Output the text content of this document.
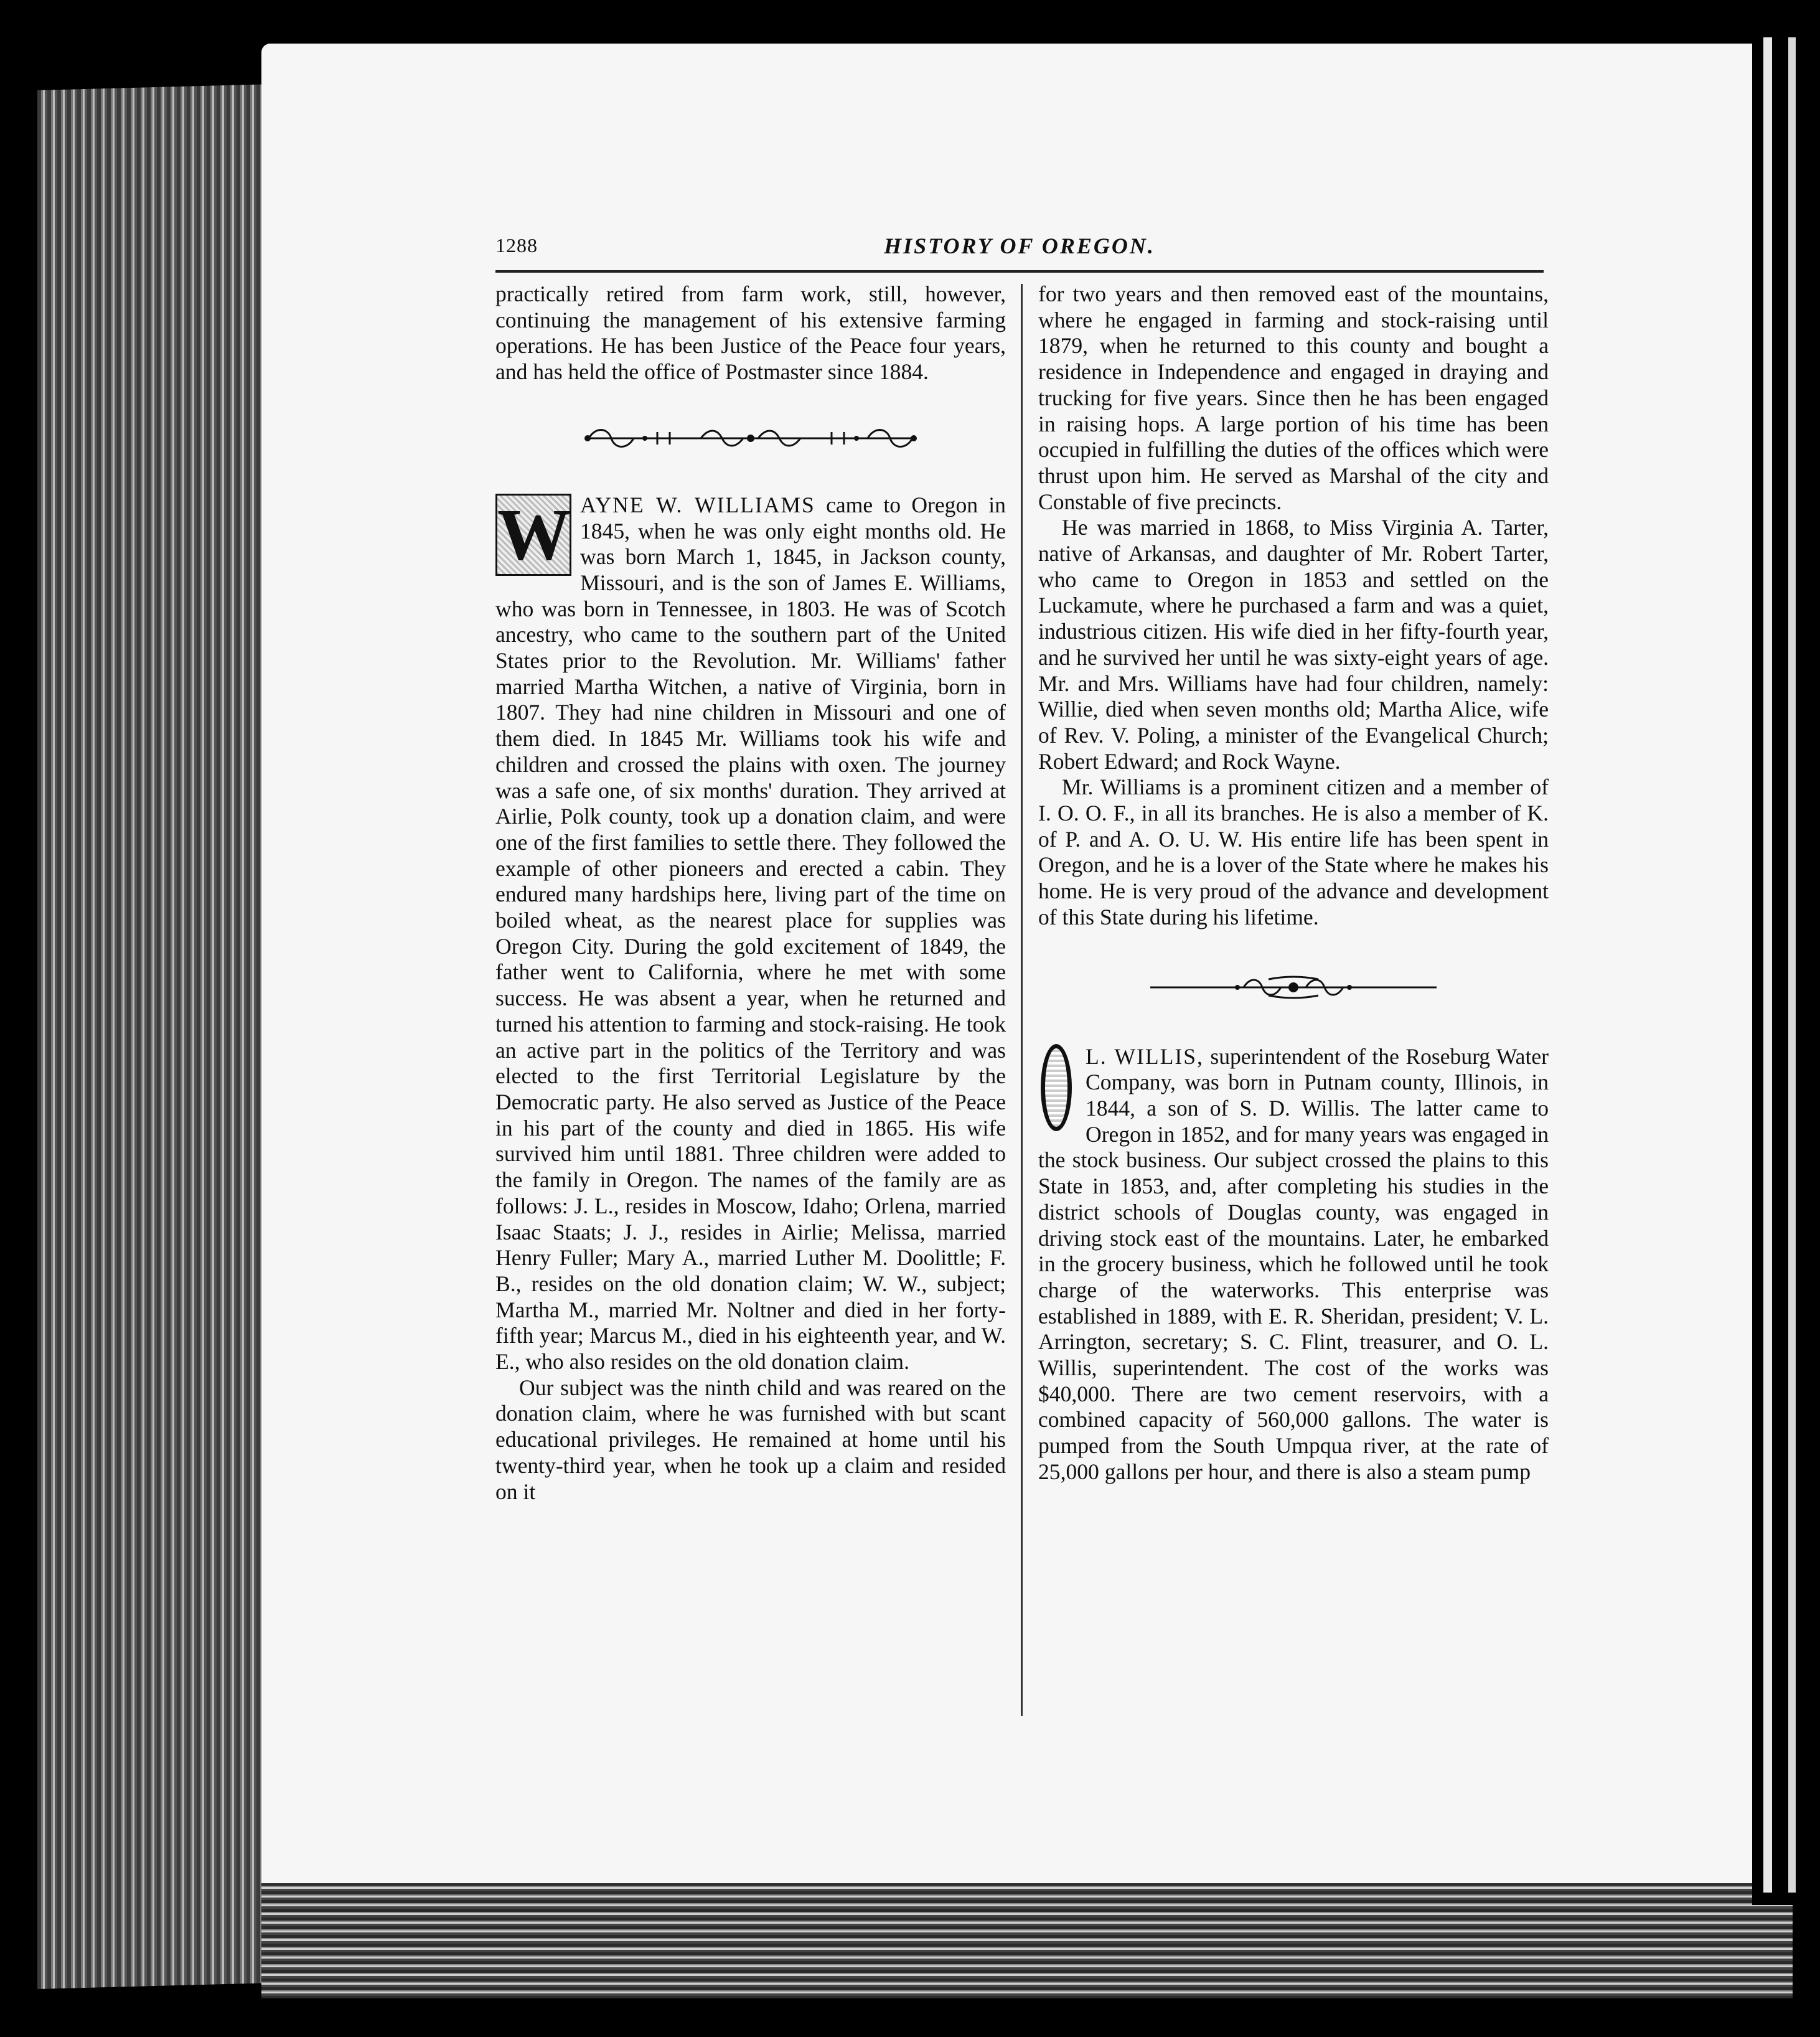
1288	HISTORY OF OREGON.

practically retired from farm work, still, however, continuing the management of his extensive farming operations. He has been Justice of the Peace four years, and has held the office of Postmaster since 1884.

W AYNE W. WILLIAMS came to Oregon in 1845, when he was only eight months old. He was born March 1, 1845, in Jackson county, Missouri, and is the son of James E. Williams, who was born in Tennessee, in 1803. He was of Scotch ancestry, who came to the southern part of the United States prior to the Revolution. Mr. Williams' father married Martha Witchen, a native of Virginia, born in 1807. They had nine children in Missouri and one of them died. In 1845 Mr. Williams took his wife and children and crossed the plains with oxen. The journey was a safe one, of six months' duration. They arrived at Airlie, Polk county, took up a donation claim, and were one of the first families to settle there. They followed the example of other pioneers and erected a cabin. They endured many hardships here, living part of the time on boiled wheat, as the nearest place for supplies was Oregon City. During the gold excitement of 1849, the father went to California, where he met with some success. He was absent a year, when he returned and turned his attention to farming and stock-raising. He took an active part in the politics of the Territory and was elected to the first Territorial Legislature by the Democratic party. He also served as Justice of the Peace in his part of the county and died in 1865. His wife survived him until 1881. Three children were added to the family in Oregon. The names of the family are as follows: J. L., resides in Moscow, Idaho; Orlena, married Isaac Staats; J. J., resides in Airlie; Melissa, married Henry Fuller; Mary A., married Luther M. Doolittle; F. B., resides on the old donation claim; W. W., subject; Martha M., married Mr. Noltner and died in her forty-fifth year; Marcus M., died in his eighteenth year, and W. E., who also resides on the old donation claim.

Our subject was the ninth child and was reared on the donation claim, where he was furnished with but scant educational privileges. He remained at home until his twenty-third year, when he took up a claim and resided on it

for two years and then removed east of the mountains, where he engaged in farming and stock-raising until 1879, when he returned to this county and bought a residence in Independence and engaged in draying and trucking for five years. Since then he has been engaged in raising hops. A large portion of his time has been occupied in fulfilling the duties of the offices which were thrust upon him. He served as Marshal of the city and Constable of five precincts.

He was married in 1868, to Miss Virginia A. Tarter, native of Arkansas, and daughter of Mr. Robert Tarter, who came to Oregon in 1853 and settled on the Luckamute, where he purchased a farm and was a quiet, industrious citizen. His wife died in her fifty-fourth year, and he survived her until he was sixty-eight years of age. Mr. and Mrs. Williams have had four children, namely: Willie, died when seven months old; Martha Alice, wife of Rev. V. Poling, a minister of the Evangelical Church; Robert Edward; and Rock Wayne.

Mr. Williams is a prominent citizen and a member of I. O. O. F., in all its branches. He is also a member of K. of P. and A. O. U. W. His entire life has been spent in Oregon, and he is a lover of the State where he makes his home. He is very proud of the advance and development of this State during his lifetime.

L. WILLIS, superintendent of the Roseburg Water Company, was born in Putnam county, Illinois, in 1844, a son of S. D. Willis. The latter came to Oregon in 1852, and for many years was engaged in the stock business. Our subject crossed the plains to this State in 1853, and, after completing his studies in the district schools of Douglas county, was engaged in driving stock east of the mountains. Later, he embarked in the grocery business, which he followed until he took charge of the waterworks. This enterprise was established in 1889, with E. R. Sheridan, president; V. L. Arrington, secretary; S. C. Flint, treasurer, and O. L. Willis, superintendent. The cost of the works was $40,000. There are two cement reservoirs, with a combined capacity of 560,000 gallons. The water is pumped from the South Umpqua river, at the rate of 25,000 gallons per hour, and there is also a steam pump
